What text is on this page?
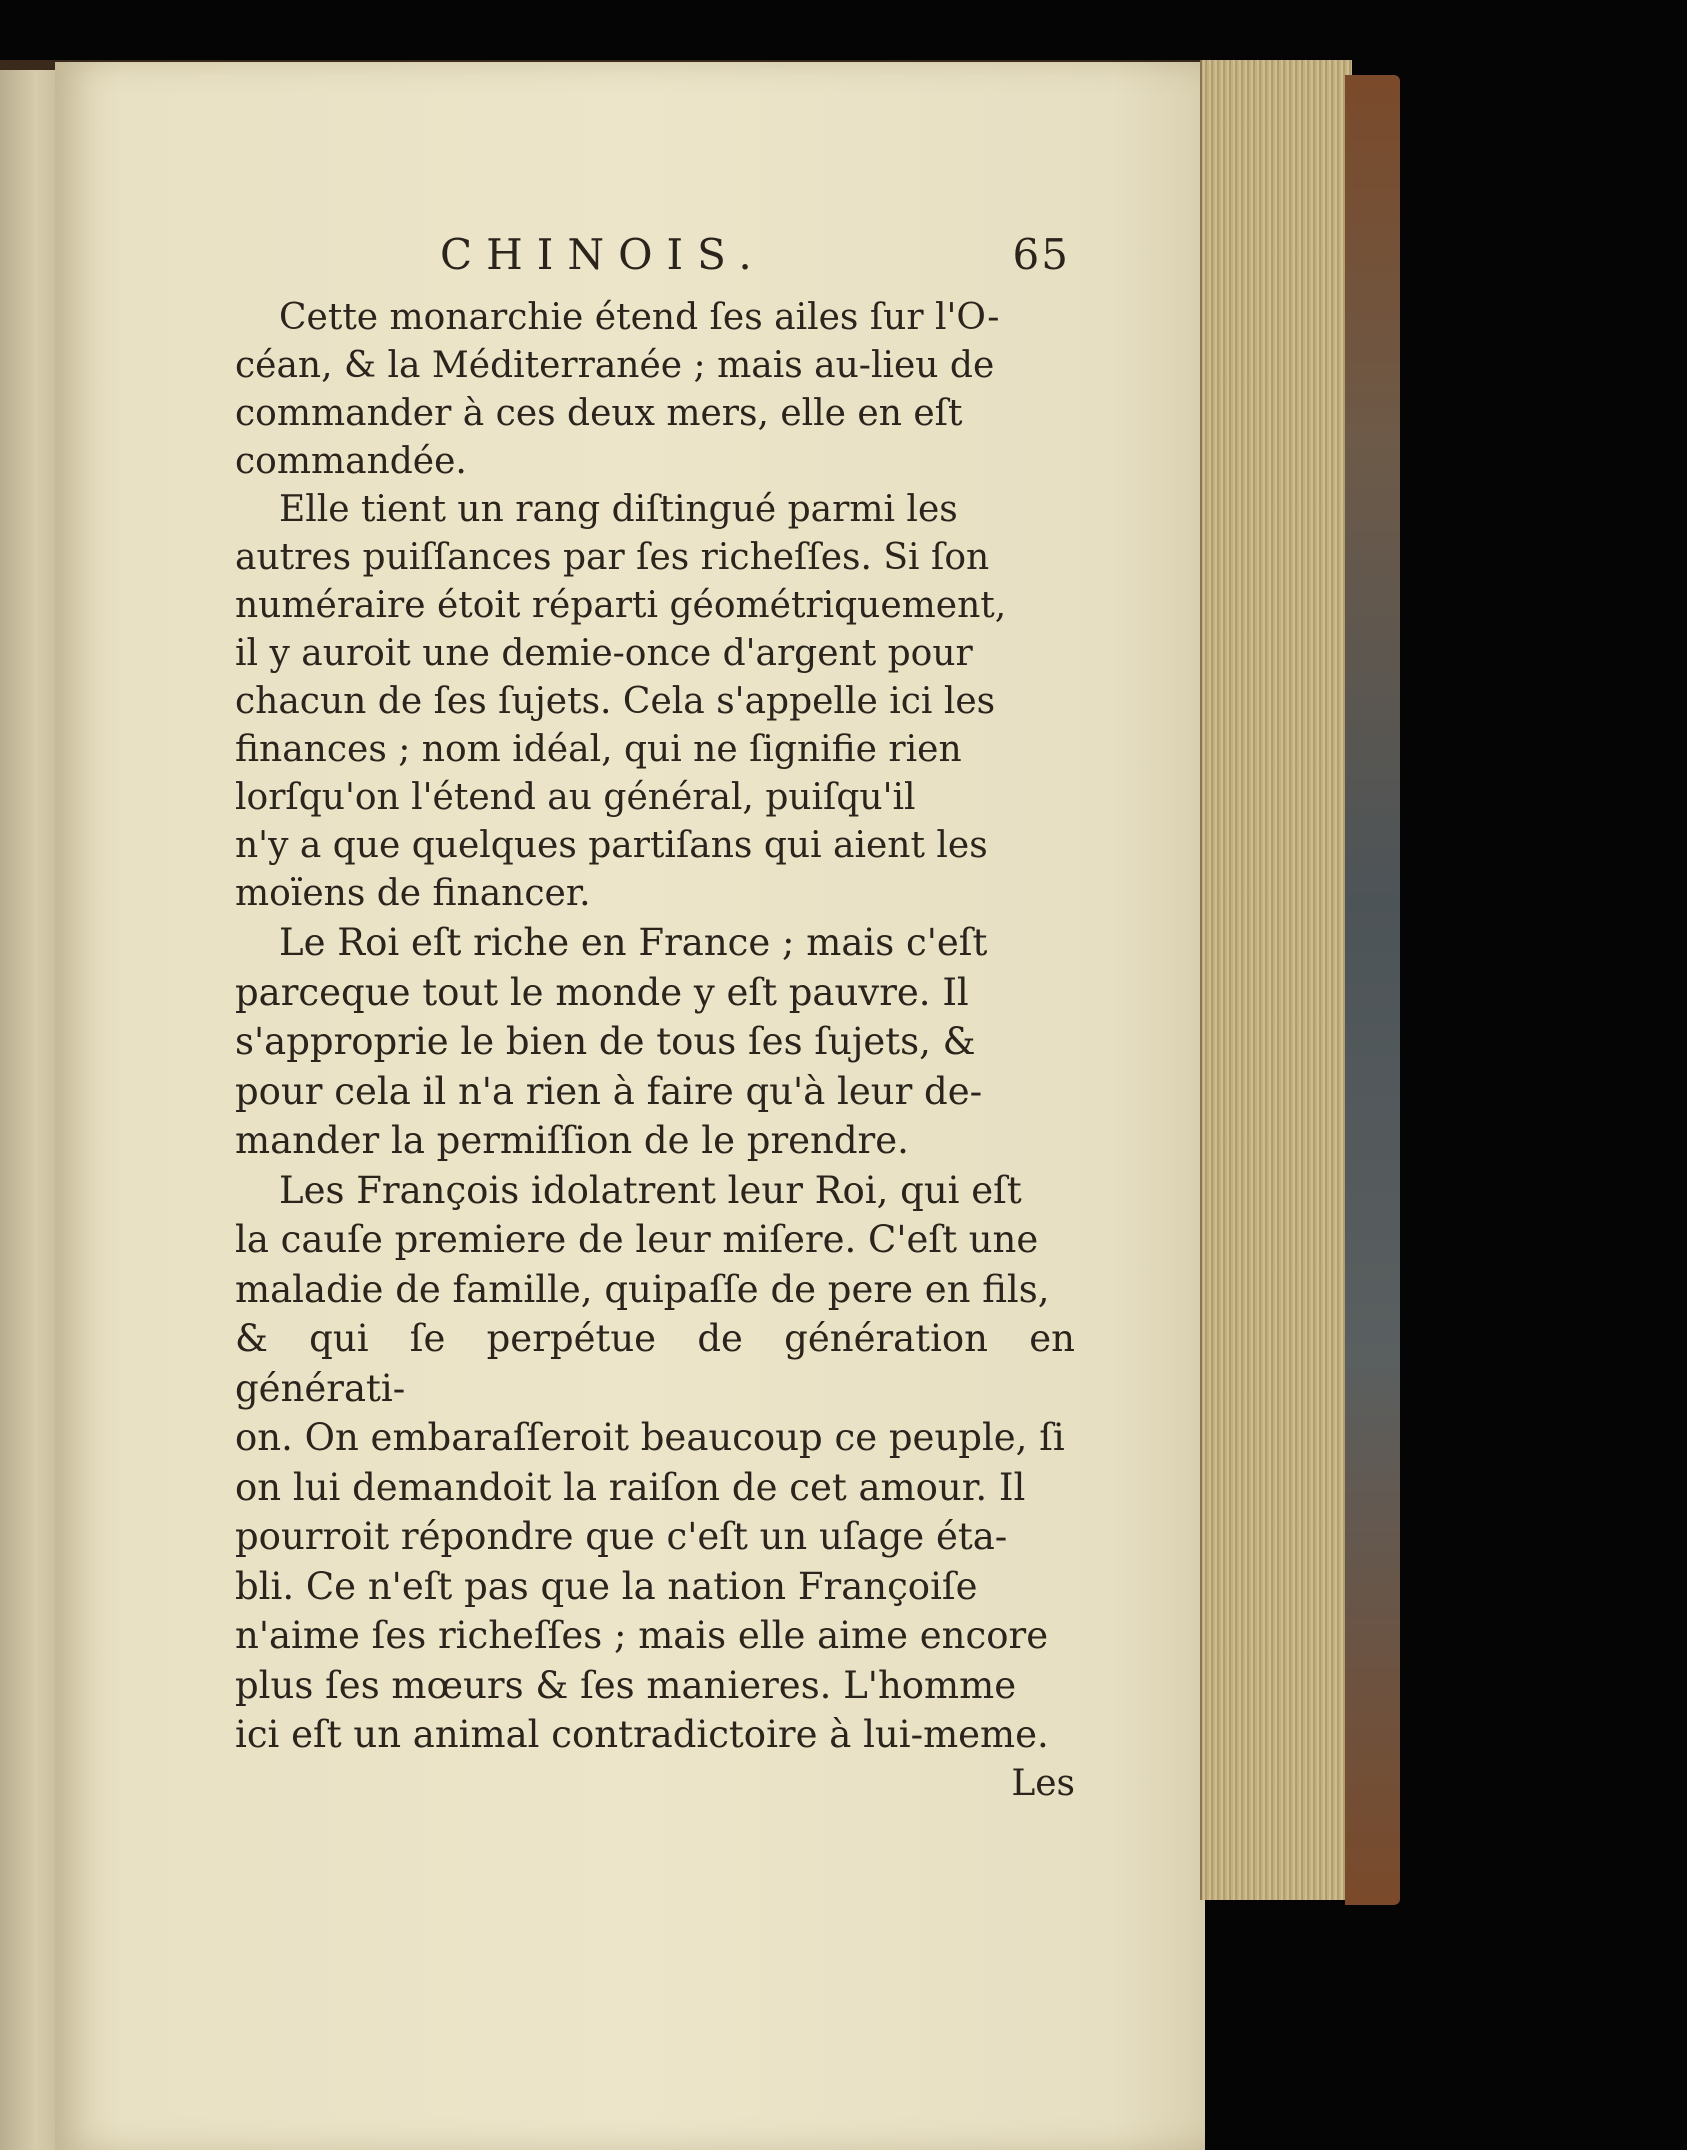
CHINOIS.	65

Cette monarchie étend ſes ailes ſur l'O-
céan, & la Méditerranée ; mais au-lieu de
commander à ces deux mers, elle en eſt
commandée.

Elle tient un rang diſtingué parmi les
autres puiſſances par ſes richeſſes. Si ſon
numéraire étoit réparti géométriquement,
il y auroit une demie-once d'argent pour
chacun de ſes ſujets. Cela s'appelle ici les
finances ; nom idéal, qui ne ſignifie rien
lorſqu'on l'étend au général, puiſqu'il
n'y a que quelques partiſans qui aient les
moïens de financer.

Le Roi eſt riche en France ; mais c'eſt
parceque tout le monde y eſt pauvre. Il
s'approprie le bien de tous ſes ſujets, &
pour cela il n'a rien à faire qu'à leur de-
mander la permiſſion de le prendre.

Les François idolatrent leur Roi, qui eſt
la cauſe premiere de leur miſere. C'eſt une
maladie de famille, quipaſſe de pere en fils,
& qui ſe perpétue de génération en générati-
on. On embaraſſeroit beaucoup ce peuple, ſi
on lui demandoit la raiſon de cet amour. Il
pourroit répondre que c'eſt un uſage éta-
bli. Ce n'eſt pas que la nation Françoiſe
n'aime ſes richeſſes ; mais elle aime encore
plus ſes mœurs & ſes manieres. L'homme
ici eſt un animal contradictoire à lui-meme.

Les
